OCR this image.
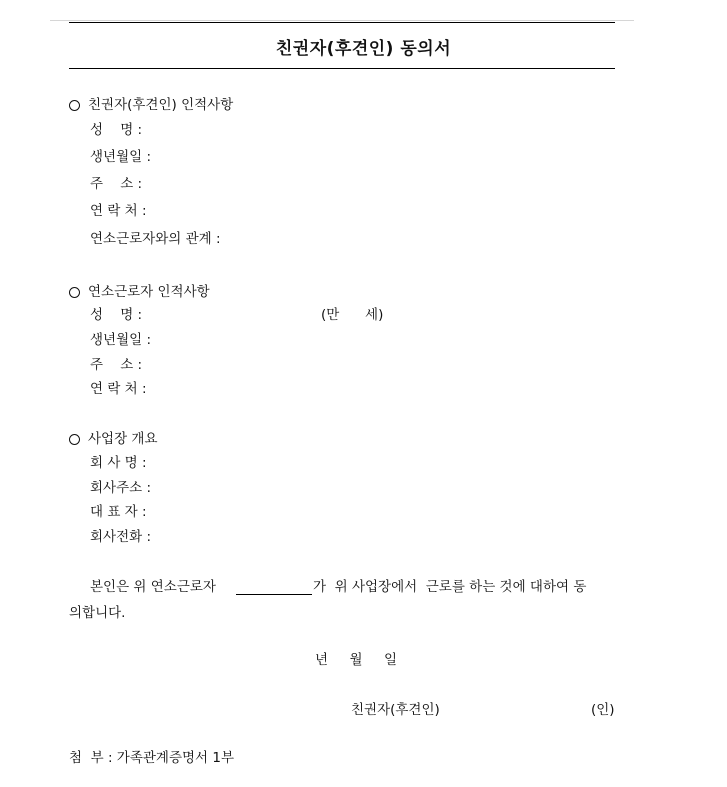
친권자(후견인) 동의서
친권자(후견인) 인적사항
성    명 :
생년월일 :
주    소 :
연 락 처 :
연소근로자와의 관계 :
연소근로자 인적사항
성    명 :	(만      세)
생년월일 :
주    소 :
연 락 처 :
사업장 개요
회 사 명 :
회사주소 :
대 표 자 :
회사전화 :
본인은 위 연소근로자	가  위 사업장에서  근로를 하는 것에 대하여 동
의합니다.
년     월     일
친권자(후견인)	(인)
첨  부 : 가족관계증명서 1부
